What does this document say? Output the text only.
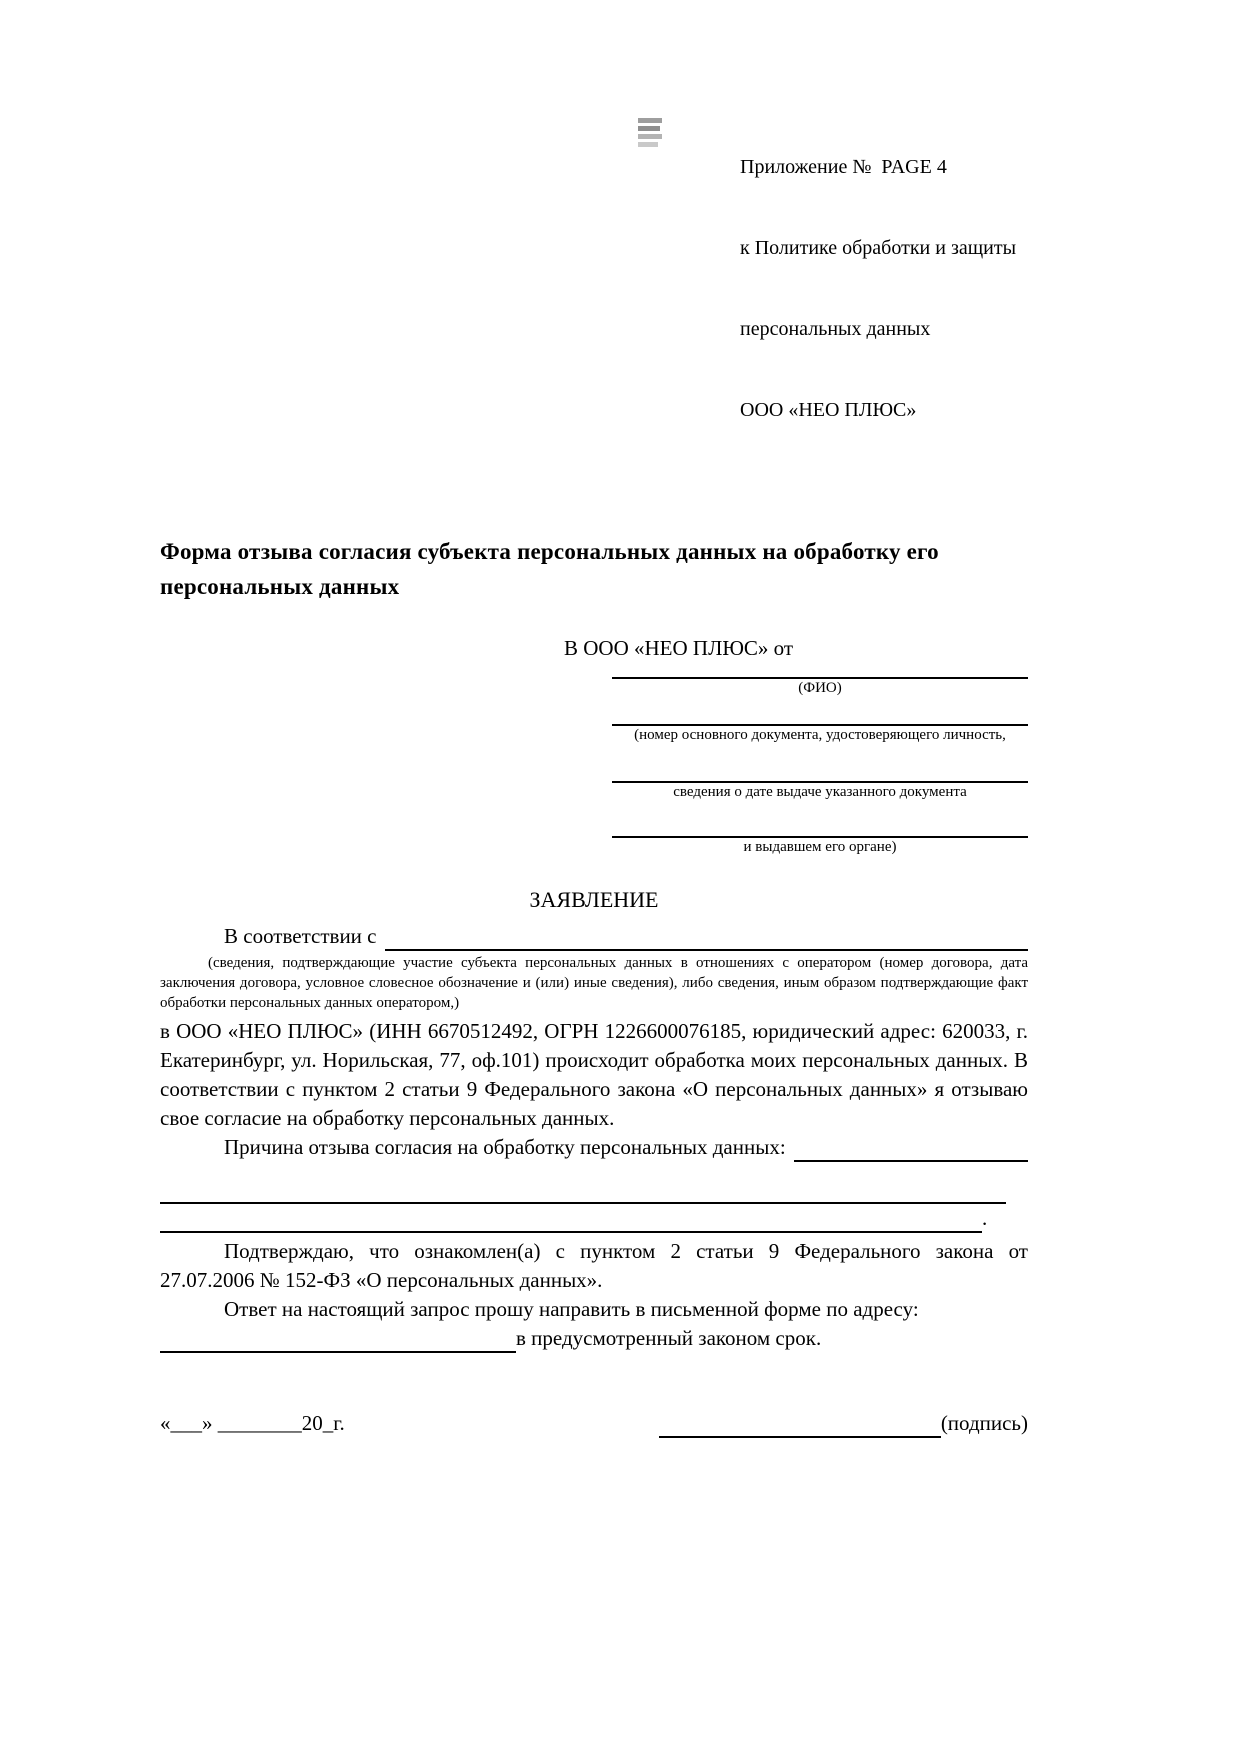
Приложение №  PAGE 4

к Политике обработки и защиты

персональных данных

ООО «НЕО ПЛЮС»

Форма отзыва согласия субъекта персональных данных на обработку его персональных данных
В ООО «НЕО ПЛЮС» от
(ФИО)
(номер основного документа, удостоверяющего личность,
сведения о дате выдаче указанного документа
и выдавшем его органе)
ЗАЯВЛЕНИЕ
В соответствии с
(сведения, подтверждающие участие субъекта персональных данных в отношениях с оператором (номер договора, дата заключения договора, условное словесное обозначение и (или) иные сведения), либо сведения, иным образом подтверждающие факт обработки персональных данных оператором,)

в ООО «НЕО ПЛЮС» (ИНН 6670512492, ОГРН 1226600076185, юридический адрес: 620033, г. Екатеринбург, ул. Норильская, 77, оф.101) происходит обработка моих персональных данных. В соответствии с пунктом 2 статьи 9 Федерального закона «О персональных данных» я отзываю свое согласие на обработку персональных данных.

Причина отзыва согласия на обработку персональных данных:
.

Подтверждаю, что ознакомлен(а) с пунктом 2 статьи 9 Федерального закона от 27.07.2006 № 152-ФЗ «О персональных данных».

Ответ на настоящий запрос прошу направить в письменной форме по адресу:

в предусмотренный законом срок.
«___» ________20_г.	(подпись)
